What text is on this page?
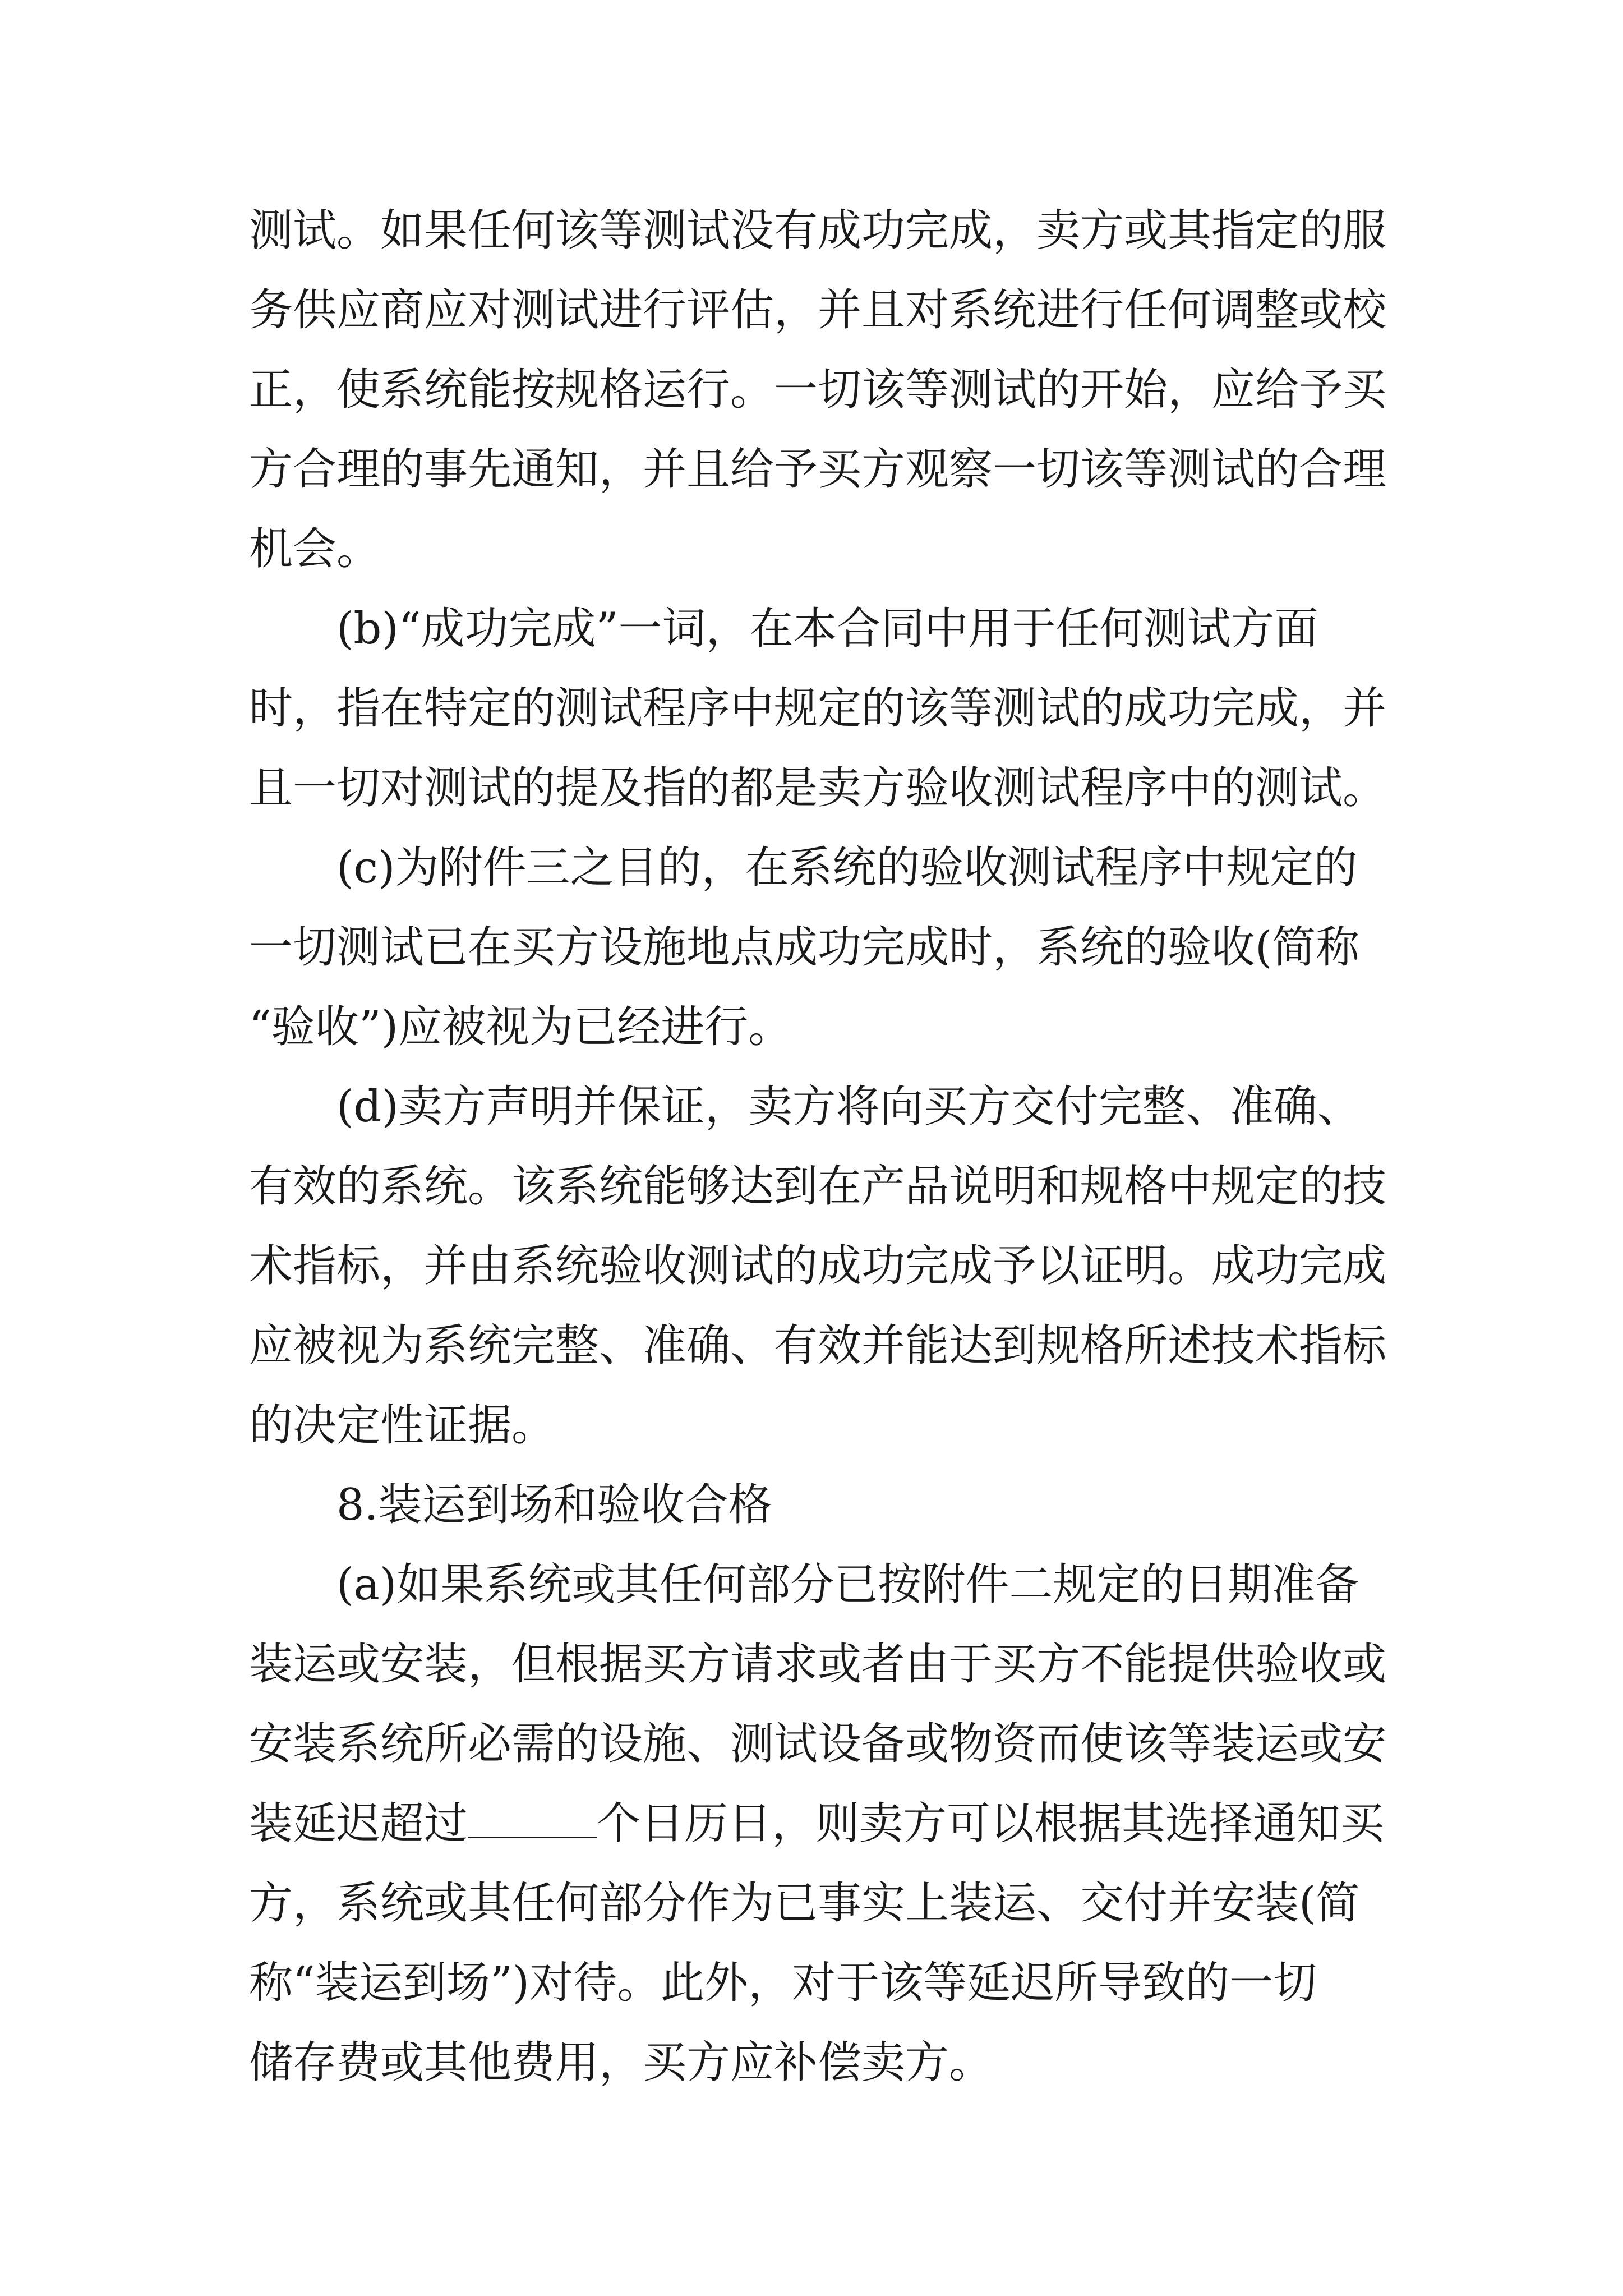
测试。如果任何该等测试没有成功完成，卖方或其指定的服
务供应商应对测试进行评估，并且对系统进行任何调整或校
正，使系统能按规格运行。一切该等测试的开始，应给予买
方合理的事先通知，并且给予买方观察一切该等测试的合理
机会。
(b)“成功完成”一词，在本合同中用于任何测试方面
时，指在特定的测试程序中规定的该等测试的成功完成，并
且一切对测试的提及指的都是卖方验收测试程序中的测试。
(c)为附件三之目的，在系统的验收测试程序中规定的
一切测试已在买方设施地点成功完成时，系统的验收(简称
“验收”)应被视为已经进行。
(d)卖方声明并保证，卖方将向买方交付完整、准确、
有效的系统。该系统能够达到在产品说明和规格中规定的技
术指标，并由系统验收测试的成功完成予以证明。成功完成
应被视为系统完整、准确、有效并能达到规格所述技术指标
的决定性证据。
8.装运到场和验收合格
(a)如果系统或其任何部分已按附件二规定的日期准备
装运或安装，但根据买方请求或者由于买方不能提供验收或
安装系统所必需的设施、测试设备或物资而使该等装运或安
装延迟超过	个日历日，则卖方可以根据其选择通知买
方，系统或其任何部分作为已事实上装运、交付并安装(简
称“装运到场”)对待。此外，对于该等延迟所导致的一切
储存费或其他费用，买方应补偿卖方。
